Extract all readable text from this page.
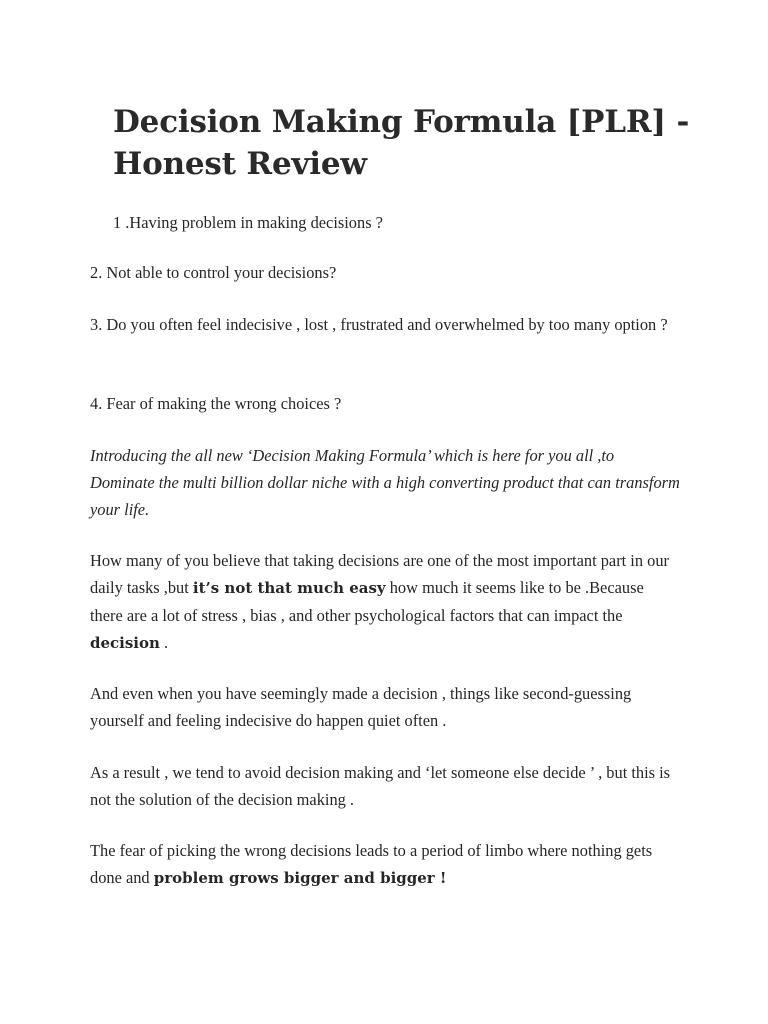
Decision Making Formula [PLR] - Honest Review

1 .Having problem in making decisions ?

2. Not able to control your decisions?

3. Do you often feel indecisive , lost , frustrated and overwhelmed by too many option ?

4. Fear of making the wrong choices ?

Introducing the all new ‘Decision Making Formula’ which is here for you all ,to Dominate the multi billion dollar niche with a high converting product that can transform your life.

How many of you believe that taking decisions are one of the most important part in our daily tasks ,but it’s not that much easy how much it seems like to be .Because there are a lot of stress , bias , and other psychological factors that can impact the decision .

And even when you have seemingly made a decision , things like second-guessing yourself and feeling indecisive do happen quiet often .

As a result , we tend to avoid decision making and ‘let someone else decide ’ , but this is not the solution of the decision making .

The fear of picking the wrong decisions leads to a period of limbo where nothing gets done and problem grows bigger and bigger !
